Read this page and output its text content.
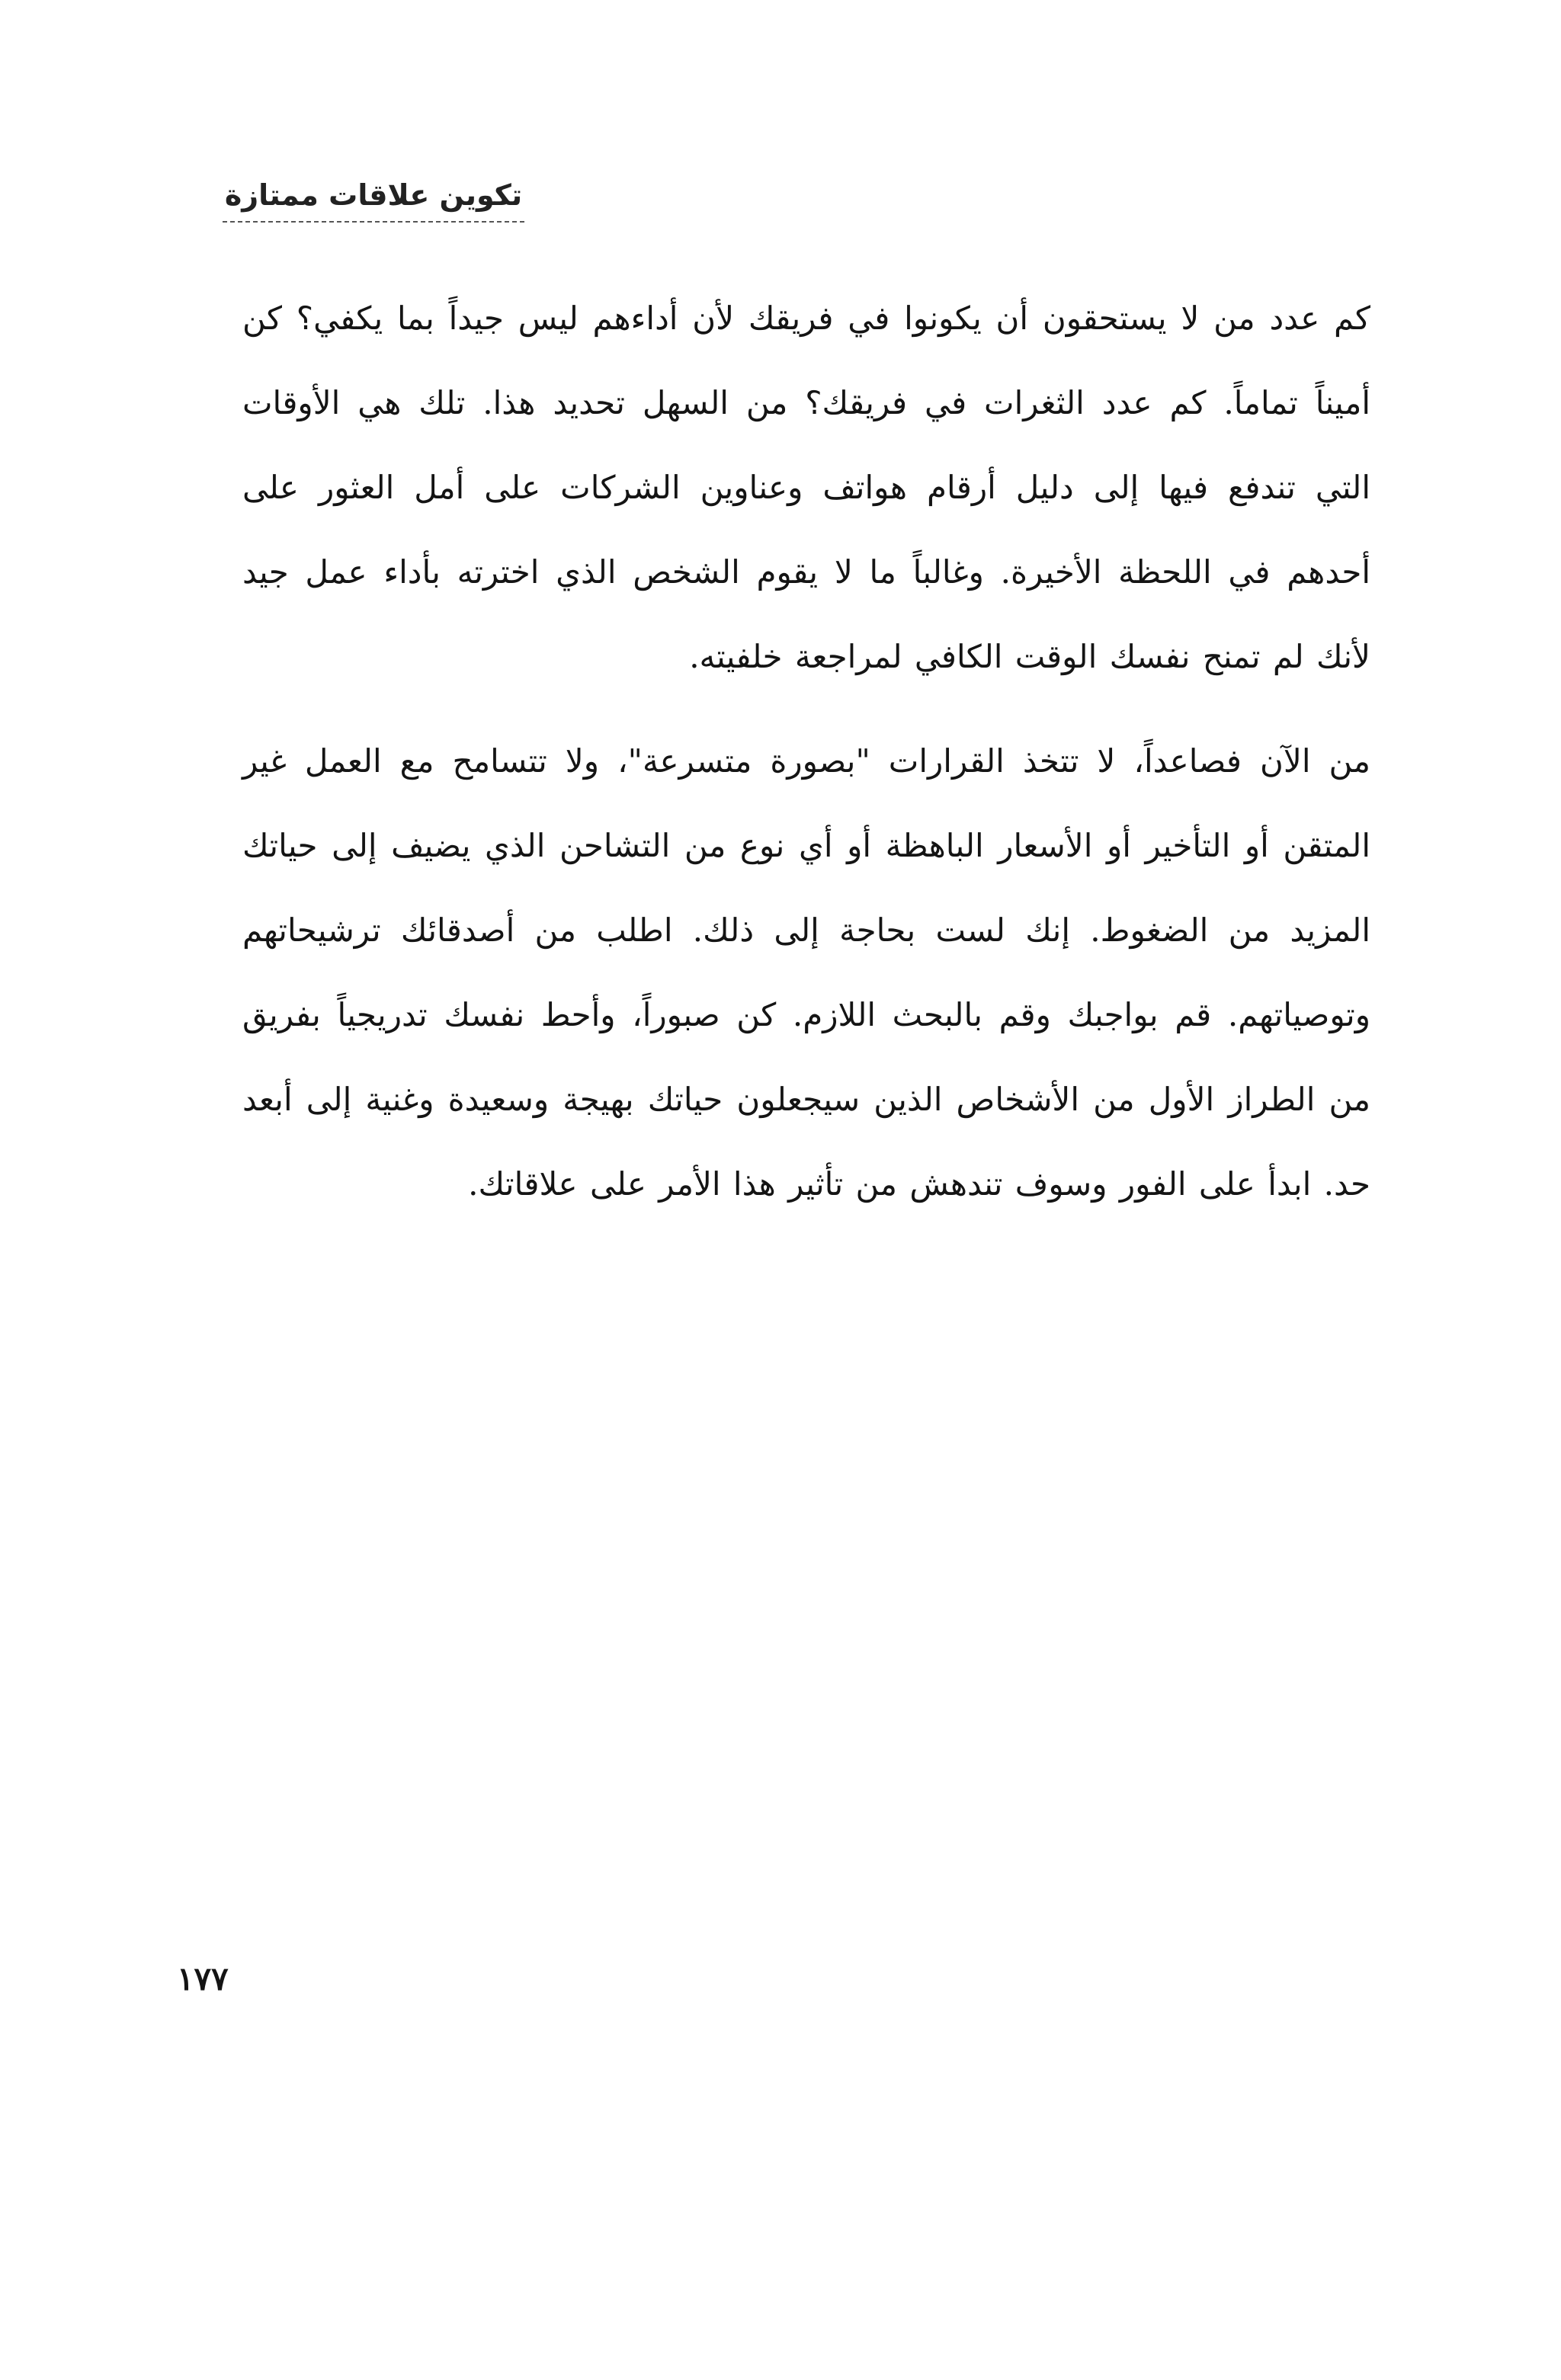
تكوين علاقات ممتازة

كم عدد من لا يستحقون أن يكونوا في فريقك لأن أداءهم ليس جيداً بما يكفي؟ كن أميناً تماماً. كم عدد الثغرات في فريقك؟ من السهل تحديد هذا. تلك هي الأوقات التي تندفع فيها إلى دليل أرقام هواتف وعناوين الشركات على أمل العثور على أحدهم في اللحظة الأخيرة. وغالباً ما لا يقوم الشخص الذي اخترته بأداء عمل جيد لأنك لم تمنح نفسك الوقت الكافي لمراجعة خلفيته.

من الآن فصاعداً، لا تتخذ القرارات "بصورة متسرعة"، ولا تتسامح مع العمل غير المتقن أو التأخير أو الأسعار الباهظة أو أي نوع من التشاحن الذي يضيف إلى حياتك المزيد من الضغوط. إنك لست بحاجة إلى ذلك. اطلب من أصدقائك ترشيحاتهم وتوصياتهم. قم بواجبك وقم بالبحث اللازم. كن صبوراً، وأحط نفسك تدريجياً بفريق من الطراز الأول من الأشخاص الذين سيجعلون حياتك بهيجة وسعيدة وغنية إلى أبعد حد. ابدأ على الفور وسوف تندهش من تأثير هذا الأمر على علاقاتك.

١٧٧
